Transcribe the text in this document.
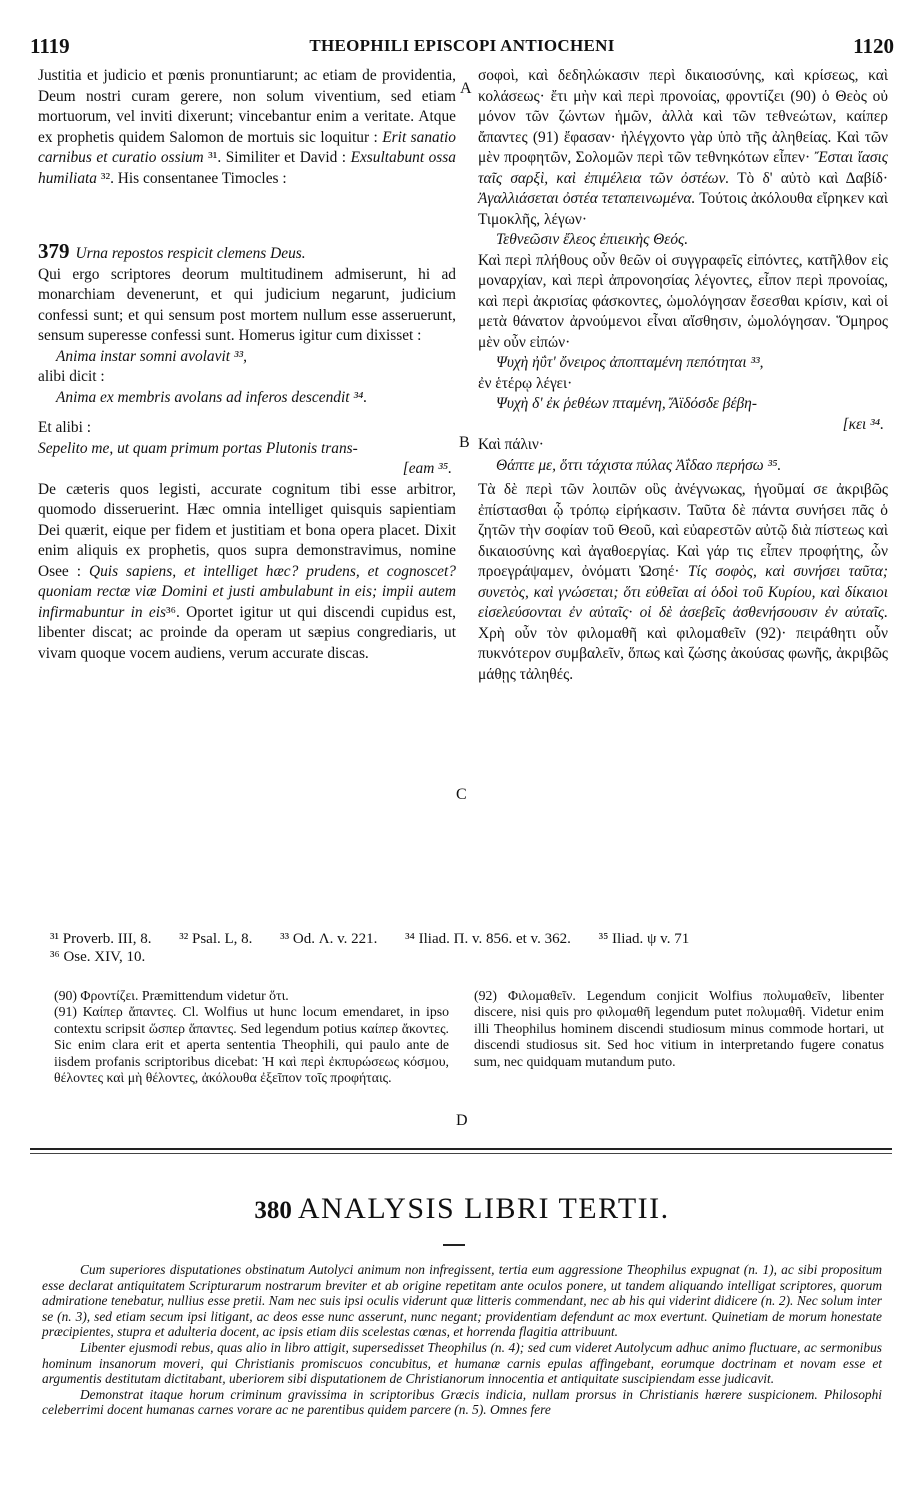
1119	THEOPHILI EPISCOPI ANTIOCHENI	1120

Justitia et judicio et pœnis pronuntiarunt; ac etiam de providentia, Deum nostri curam gerere, non solum viventium, sed etiam mortuorum, vel inviti dixerunt; vincebantur enim a veritate. Atque ex prophetis quidem Salomon de mortuis sic loquitur : Erit sanatio carnibus et curatio ossium ³¹. Similiter et David : Exsultabunt ossa humiliata ³². His consentanee Timocles :

379 Urna repostos respicit clemens Deus.

Qui ergo scriptores deorum multitudinem admiserunt, hi ad monarchiam devenerunt, et qui judicium negarunt, judicium confessi sunt; et qui sensum post mortem nullum esse asseruerunt, sensum superesse confessi sunt. Homerus igitur cum dixisset :

Anima instar somni avolavit ³³,

alibi dicit :

Anima ex membris avolans ad inferos descendit ³⁴.

Et alibi :

Sepelito me, ut quam primum portas Plutonis trans-

[eam ³⁵.

De cæteris quos legisti, accurate cognitum tibi esse arbitror, quomodo disseruerint. Hæc omnia intelliget quisquis sapientiam Dei quærit, eique per fidem et justitiam et bona opera placet. Dixit enim aliquis ex prophetis, quos supra demonstravimus, nomine Osee : Quis sapiens, et intelliget hæc? prudens, et cognoscet? quoniam rectæ viæ Domini et justi ambulabunt in eis; impii autem infirmabuntur in eis³⁶. Oportet igitur ut qui discendi cupidus est, libenter discat; ac proinde da operam ut sæpius congrediaris, ut vivam quoque vocem audiens, verum accurate discas.

A
B
C
D

σοφοὶ, καὶ δεδηλώκασιν περὶ δικαιοσύνης, καὶ κρίσεως, καὶ κολάσεως· ἔτι μὴν καὶ περὶ προνοίας, φροντίζει (90) ὁ Θεὸς οὐ μόνον τῶν ζώντων ἡμῶν, ἀλλὰ καὶ τῶν τεθνεώτων, καίπερ ἄπαντες (91) ἔφασαν· ἠλέγχοντο γὰρ ὑπὸ τῆς ἀληθείας. Καὶ τῶν μὲν προφητῶν, Σολομῶν περὶ τῶν τεθνηκότων εἶπεν· Ἔσται ἴασις ταῖς σαρξὶ, καὶ ἐπιμέλεια τῶν ὀστέων. Τὸ δ' αὐτὸ καὶ Δαβίδ· Ἀγαλλιάσεται ὀστέα τεταπεινωμένα. Τούτοις ἀκόλουθα εἴρηκεν καὶ Τιμοκλῆς, λέγων·

Τεθνεῶσιν ἔλεος ἐπιεικὴς Θεός.

Καὶ περὶ πλήθους οὖν θεῶν οἱ συγγραφεῖς εἰπόντες, κατῆλθον εἰς μοναρχίαν, καὶ περὶ ἀπρονοησίας λέγοντες, εἶπον περὶ προνοίας, καὶ περὶ ἀκρισίας φάσκοντες, ὡμολόγησαν ἔσεσθαι κρίσιν, καὶ οἱ μετὰ θάνατον ἀρνούμενοι εἶναι αἴσθησιν, ὡμολόγησαν. Ὅμηρος μὲν οὖν εἰπών·

Ψυχὴ ἠΰτ' ὄνειρος ἀποπταμένη πεπότηται ³³,

ἐν ἑτέρῳ λέγει·

Ψυχὴ δ' ἐκ ῥεθέων πταμένη, Ἄϊδόσδε βέβη-

[κει ³⁴.

Καὶ πάλιν·

Θάπτε με, ὅττι τάχιστα πύλας Ἀΐδαο περήσω ³⁵.

Τὰ δὲ περὶ τῶν λοιπῶν οὓς ἀνέγνωκας, ἡγοῦμαί σε ἀκριβῶς ἐπίστασθαι ᾧ τρόπῳ εἰρήκασιν. Ταῦτα δὲ πάντα συνήσει πᾶς ὁ ζητῶν τὴν σοφίαν τοῦ Θεοῦ, καὶ εὐαρεστῶν αὐτῷ διὰ πίστεως καὶ δικαιοσύνης καὶ ἀγαθοεργίας. Καὶ γάρ τις εἶπεν προφήτης, ὧν προεγράψαμεν, ὀνόματι Ὠσηέ· Τίς σοφὸς, καὶ συνήσει ταῦτα; συνετὸς, καὶ γνώσεται; ὅτι εὐθεῖαι αἱ ὁδοὶ τοῦ Κυρίου, καὶ δίκαιοι εἰσελεύσονται ἐν αὐταῖς· οἱ δὲ ἀσεβεῖς ἀσθενήσουσιν ἐν αὐταῖς. Χρὴ οὖν τὸν φιλομαθῆ καὶ φιλομαθεῖν (92)· πειράθητι οὖν πυκνότερον συμβαλεῖν, ὅπως καὶ ζώσης ἀκούσας φωνῆς, ἀκριβῶς μάθῃς τἀληθές.

³¹ Proverb. III, 8. ³² Psal. L, 8. ³³ Od. Λ. v. 221. ³⁴ Iliad. Π. v. 856. et v. 362. ³⁵ Iliad. ψ v. 71

³⁶ Ose. XIV, 10.

(90) Φροντίζει. Præmittendum videtur ὅτι.

(91) Καίπερ ἄπαντες. Cl. Wolfius ut hunc locum emendaret, in ipso contextu scripsit ὥσπερ ἅπαντες. Sed legendum potius καίπερ ἄκοντες. Sic enim clara erit et aperta sententia Theophili, qui paulo ante de iisdem profanis scriptoribus dicebat: Ἡ καὶ περὶ ἐκπυρώσεως κόσμου, θέλοντες καὶ μὴ θέλοντες, ἀκόλουθα ἐξεῖπον τοῖς προφήταις.

(92) Φιλομαθεῖν. Legendum conjicit Wolfius πολυμαθεῖν, libenter discere, nisi quis pro φιλομαθῆ legendum putet πολυμαθῆ. Videtur enim illi Theophilus hominem discendi studiosum minus commode hortari, ut discendi studiosus sit. Sed hoc vitium in interpretando fugere conatus sum, nec quidquam mutandum puto.

380 ANALYSIS LIBRI TERTII.

Cum superiores disputationes obstinatum Autolyci animum non infregissent, tertia eum aggressione Theophilus expugnat (n. 1), ac sibi propositum esse declarat antiquitatem Scripturarum nostrarum breviter et ab origine repetitam ante oculos ponere, ut tandem aliquando intelligat scriptores, quorum admiratione tenebatur, nullius esse pretii. Nam nec suis ipsi oculis viderunt quæ litteris commendant, nec ab his qui viderint didicere (n. 2). Nec solum inter se (n. 3), sed etiam secum ipsi litigant, ac deos esse nunc asserunt, nunc negant; providentiam defendunt ac mox evertunt. Quinetiam de morum honestate præcipientes, stupra et adulteria docent, ac ipsis etiam diis scelestas cœnas, et horrenda flagitia attribuunt.

Libenter ejusmodi rebus, quas alio in libro attigit, supersedisset Theophilus (n. 4); sed cum videret Autolycum adhuc animo fluctuare, ac sermonibus hominum insanorum moveri, qui Christianis promiscuos concubitus, et humanæ carnis epulas affingebant, eorumque doctrinam et novam esse et argumentis destitutam dictitabant, uberiorem sibi disputationem de Christianorum innocentia et antiquitate suscipiendam esse judicavit.

Demonstrat itaque horum criminum gravissima in scriptoribus Græcis indicia, nullam prorsus in Christianis hærere suspicionem. Philosophi celeberrimi docent humanas carnes vorare ac ne parentibus quidem parcere (n. 5). Omnes fere
